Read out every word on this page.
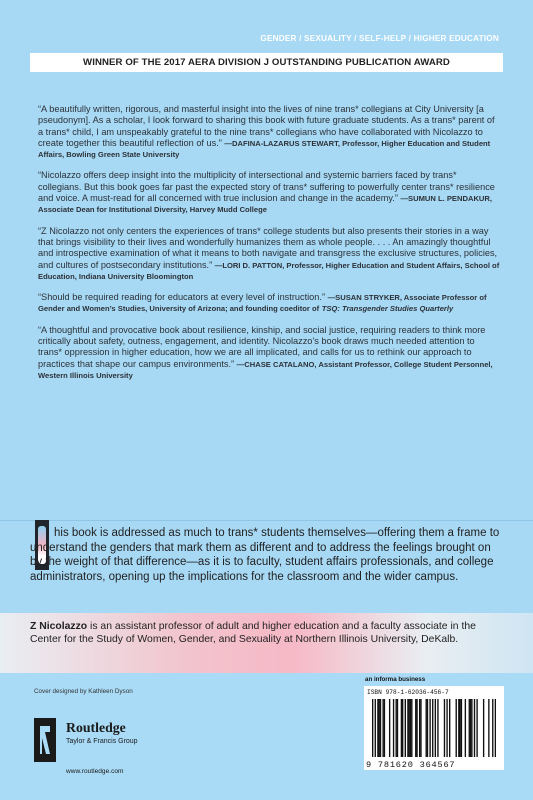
GENDER / SEXUALITY / SELF-HELP / HIGHER EDUCATION
WINNER OF THE 2017 AERA DIVISION J OUTSTANDING PUBLICATION AWARD
“A beautifully written, rigorous, and masterful insight into the lives of nine trans* collegians at City University [a pseudonym]. As a scholar, I look forward to sharing this book with future graduate students. As a trans* parent of a trans* child, I am unspeakably grateful to the nine trans* collegians who have collaborated with Nicolazzo to create together this beautiful reflection of us.” —DAFINA-LAZARUS STEWART, Professor, Higher Education and Student Affairs, Bowling Green State University
“Nicolazzo offers deep insight into the multiplicity of intersectional and systemic barriers faced by trans* collegians. But this book goes far past the expected story of trans* suffering to powerfully center trans* resilience and voice. A must-read for all concerned with true inclusion and change in the academy.” —SUMUN L. PENDAKUR, Associate Dean for Institutional Diversity, Harvey Mudd College
“Z Nicolazzo not only centers the experiences of trans* college students but also presents their stories in a way that brings visibility to their lives and wonderfully humanizes them as whole people. . . . An amazingly thoughtful and introspective examination of what it means to both navigate and transgress the exclusive structures, policies, and cultures of postsecondary institutions.” —LORI D. PATTON, Professor, Higher Education and Student Affairs, School of Education, Indiana University Bloomington
“Should be required reading for educators at every level of instruction.” —SUSAN STRYKER, Associate Professor of Gender and Women’s Studies, University of Arizona; and founding coeditor of TSQ: Transgender Studies Quarterly
“A thoughtful and provocative book about resilience, kinship, and social justice, requiring readers to think more critically about safety, outness, engagement, and identity. Nicolazzo’s book draws much needed attention to trans* oppression in higher education, how we are all implicated, and calls for us to rethink our approach to practices that shape our campus environments.” —CHASE CATALANO, Assistant Professor, College Student Personnel, Western Illinois University
his book is addressed as much to trans* students themselves—offering them a frame to understand the genders that mark them as different and to address the feelings brought on by the weight of that difference—as it is to faculty, student affairs professionals, and college administrators, opening up the implications for the classroom and the wider campus.
Z Nicolazzo is an assistant professor of adult and higher education and a faculty associate in the Center for the Study of Women, Gender, and Sexuality at Northern Illinois University, DeKalb.
Cover designed by Kathleen Dyson
an informa business
Routledge
Taylor & Francis Group
www.routledge.com
ISBN 978-1-62036-456-7
9 781620 364567
